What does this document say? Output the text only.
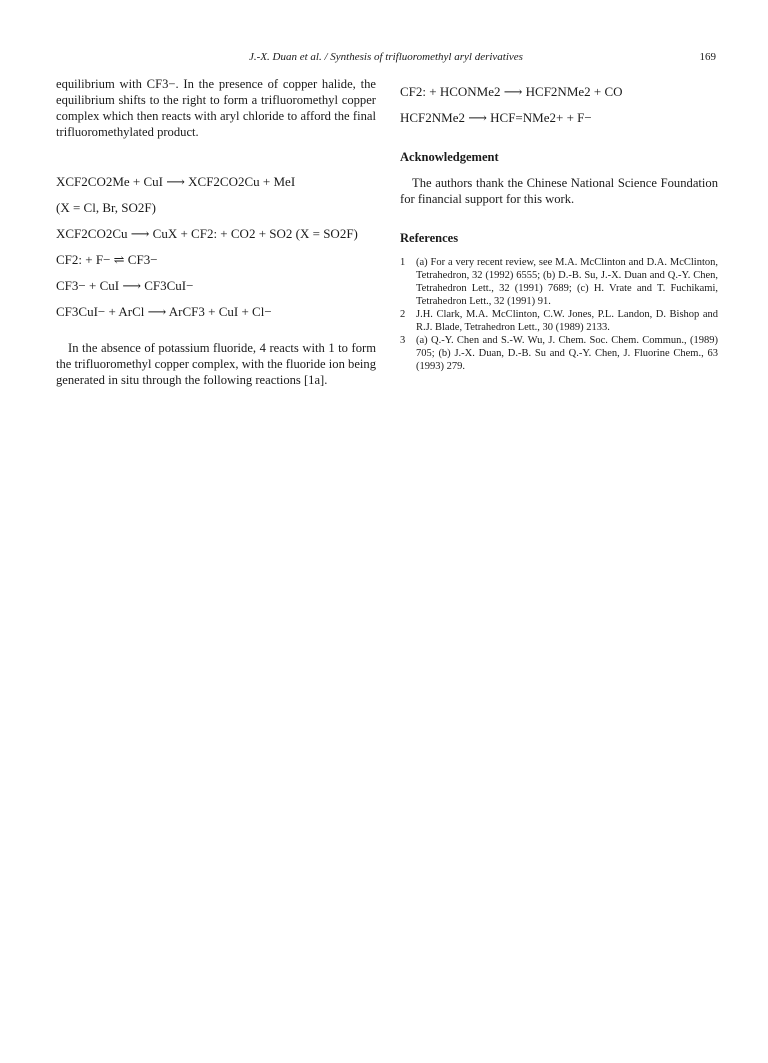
J.-X. Duan et al. / Synthesis of trifluoromethyl aryl derivatives	169

equilibrium with CF3−. In the presence of copper halide, the equilibrium shifts to the right to form a trifluoromethyl copper complex which then reacts with aryl chloride to afford the final trifluoromethylated product.

XCF2CO2Me + CuI ⟶ XCF2CO2Cu + MeI

(X = Cl, Br, SO2F)

XCF2CO2Cu ⟶ CuX + CF2: + CO2 + SO2 (X = SO2F)

CF2: + F− ⇌ CF3−

CF3− + CuI ⟶ CF3CuI−

CF3CuI− + ArCl ⟶ ArCF3 + CuI + Cl−

In the absence of potassium fluoride, 4 reacts with 1 to form the trifluoromethyl copper complex, with the fluoride ion being generated in situ through the following reactions [1a].

CF2: + HCONMe2 ⟶ HCF2NMe2 + CO

HCF2NMe2 ⟶ HCF=NMe2+ + F−

Acknowledgement

The authors thank the Chinese National Science Foundation for financial support for this work.

References

1	(a) For a very recent review, see M.A. McClinton and D.A. McClinton, Tetrahedron, 32 (1992) 6555; (b) D.-B. Su, J.-X. Duan and Q.-Y. Chen, Tetrahedron Lett., 32 (1991) 7689; (c) H. Vrate and T. Fuchikami, Tetrahedron Lett., 32 (1991) 91.
2	J.H. Clark, M.A. McClinton, C.W. Jones, P.L. Landon, D. Bishop and R.J. Blade, Tetrahedron Lett., 30 (1989) 2133.
3	(a) Q.-Y. Chen and S.-W. Wu, J. Chem. Soc. Chem. Commun., (1989) 705; (b) J.-X. Duan, D.-B. Su and Q.-Y. Chen, J. Fluorine Chem., 63 (1993) 279.
